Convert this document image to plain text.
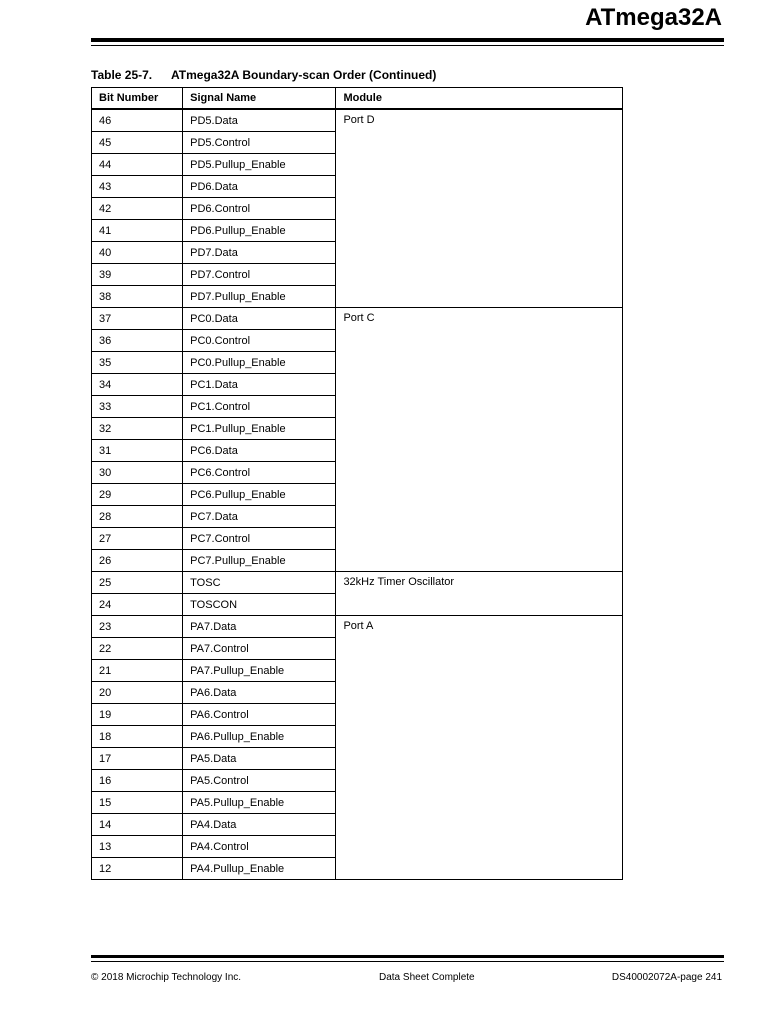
ATmega32A
Table 25-7. ATmega32A Boundary-scan Order (Continued)
Bit Number	Signal Name	Module
46	PD5.Data	Port D
45	PD5.Control	
44	PD5.Pullup_Enable	
43	PD6.Data	
42	PD6.Control	
41	PD6.Pullup_Enable	
40	PD7.Data	
39	PD7.Control	
38	PD7.Pullup_Enable	
37	PC0.Data	Port C
36	PC0.Control	
35	PC0.Pullup_Enable	
34	PC1.Data	
33	PC1.Control	
32	PC1.Pullup_Enable	
31	PC6.Data	
30	PC6.Control	
29	PC6.Pullup_Enable	
28	PC7.Data	
27	PC7.Control	
26	PC7.Pullup_Enable	
25	TOSC	32kHz Timer Oscillator
24	TOSCON	
23	PA7.Data	Port A
22	PA7.Control	
21	PA7.Pullup_Enable	
20	PA6.Data	
19	PA6.Control	
18	PA6.Pullup_Enable	
17	PA5.Data	
16	PA5.Control	
15	PA5.Pullup_Enable	
14	PA4.Data	
13	PA4.Control	
12	PA4.Pullup_Enable	
© 2018 Microchip Technology Inc.	Data Sheet Complete	DS40002072A-page 241
